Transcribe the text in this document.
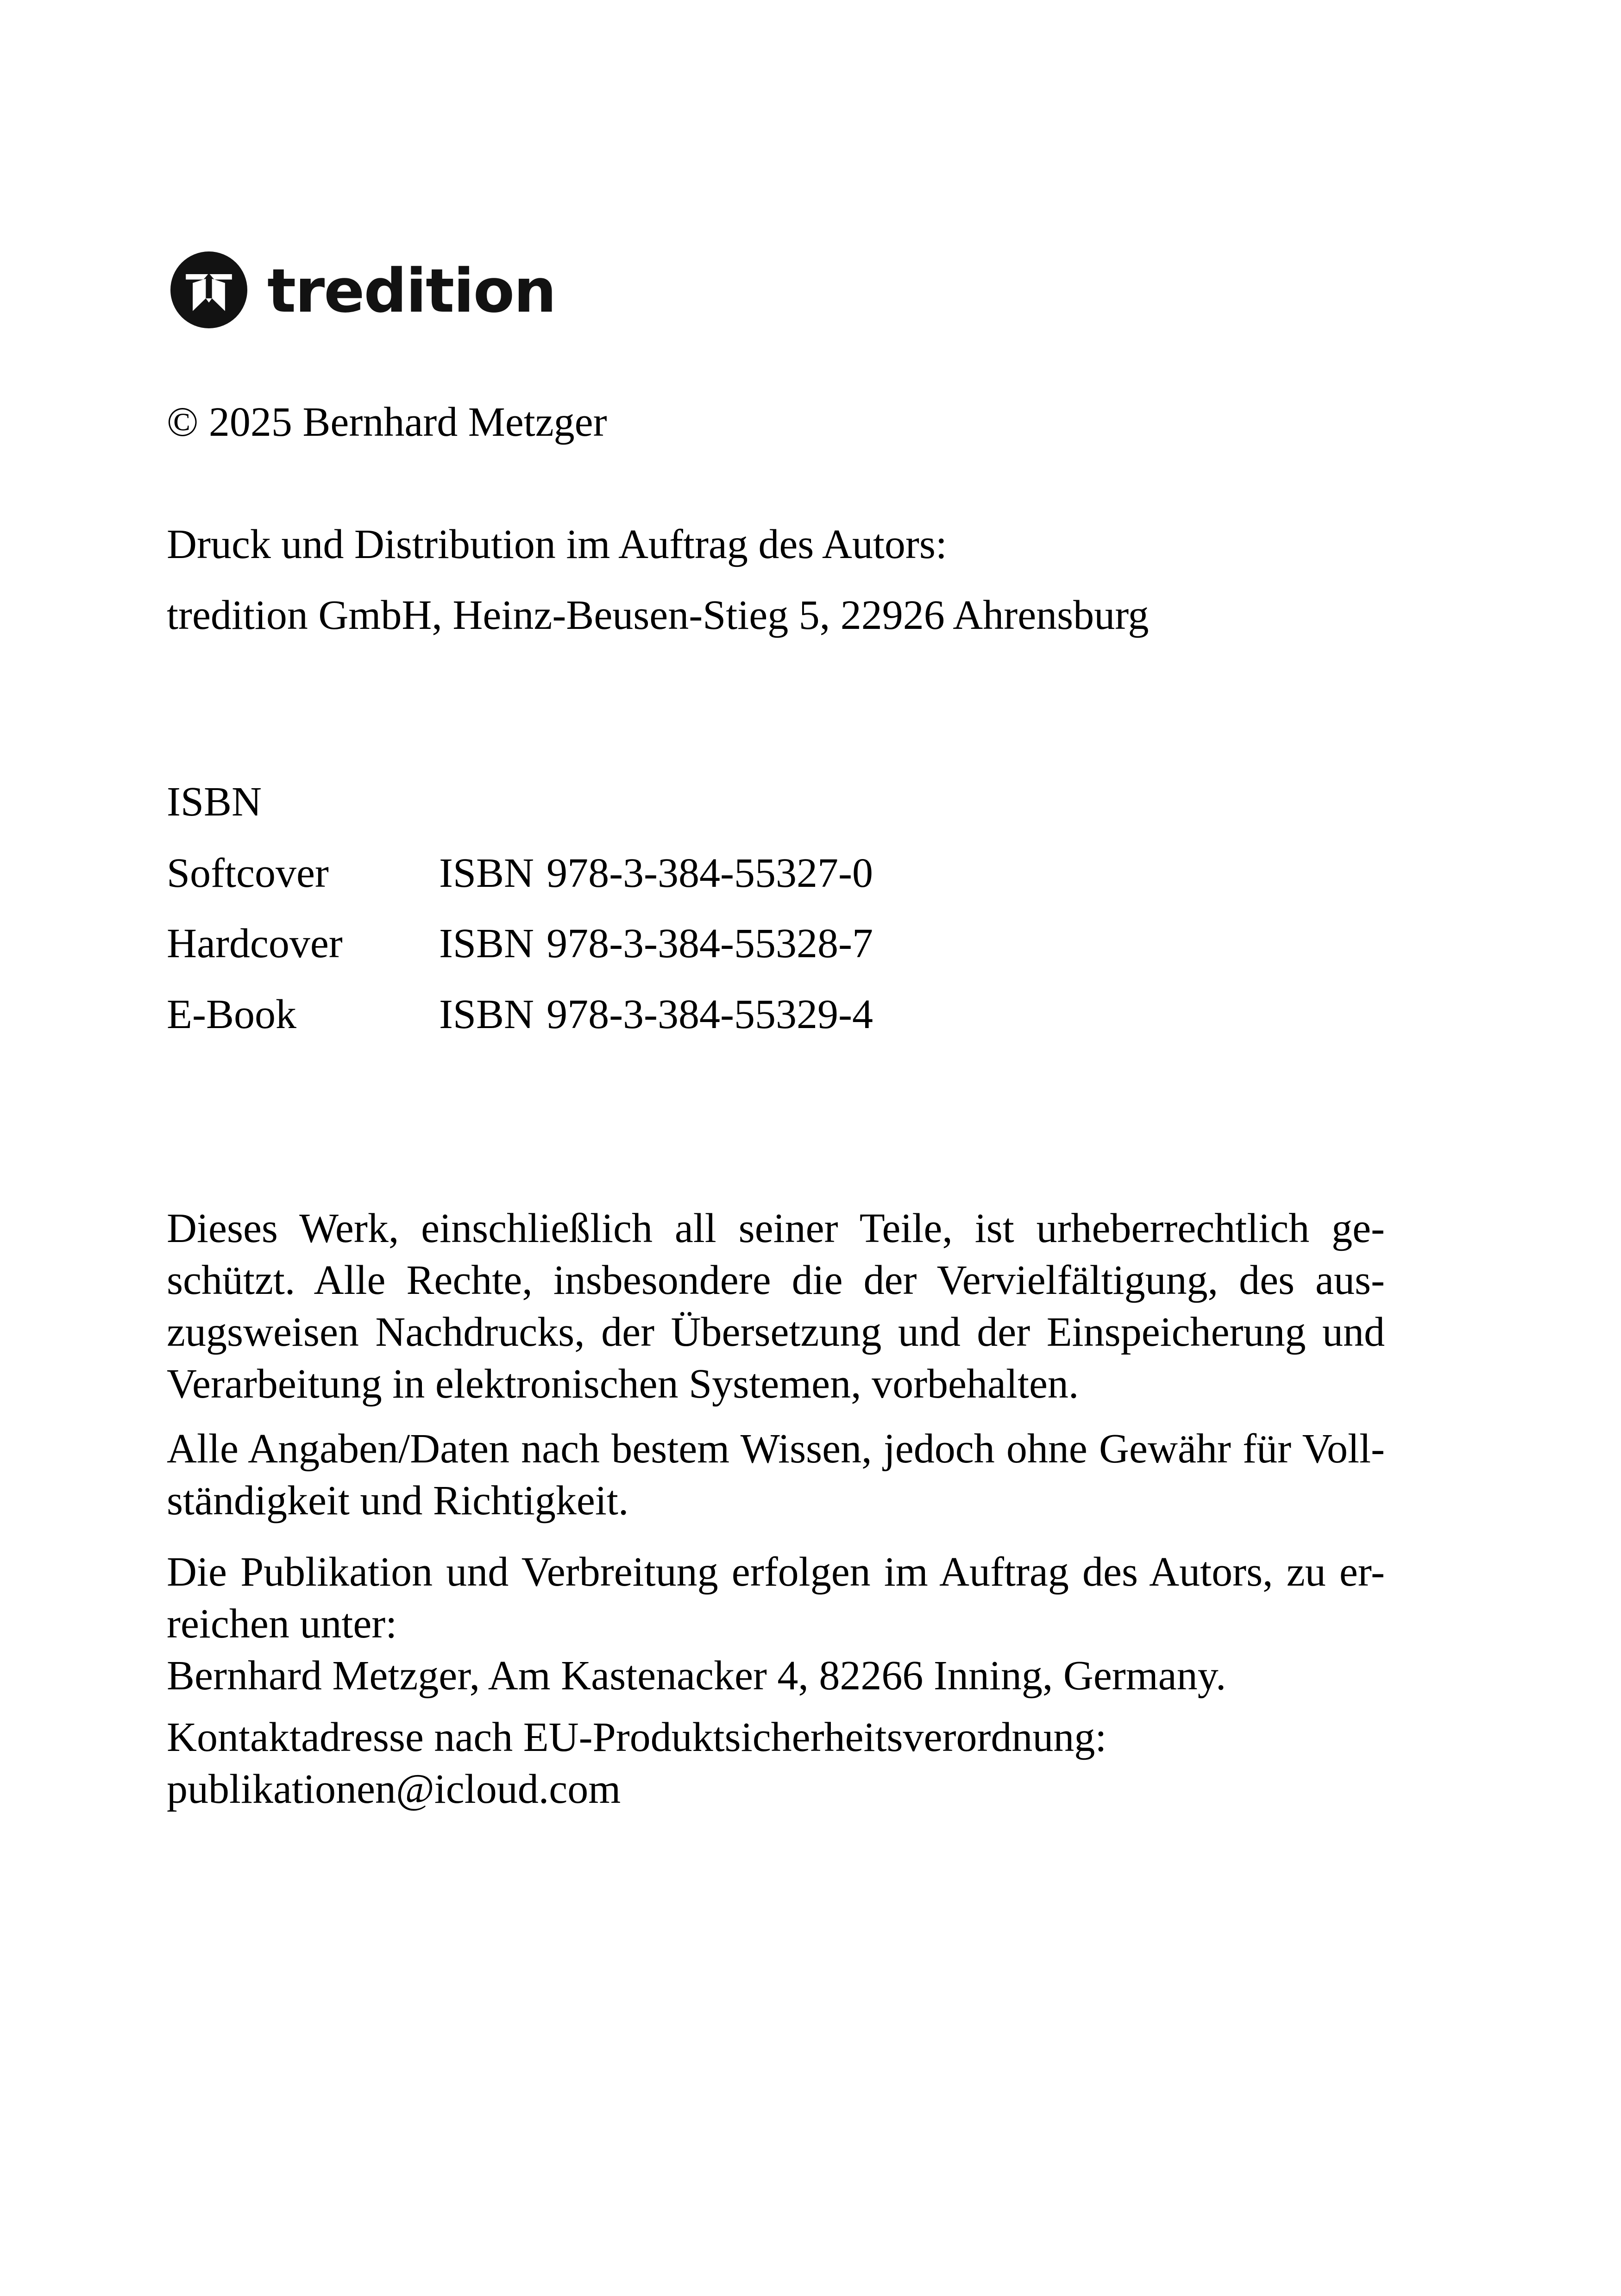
tredition
© 2025 Bernhard Metzger
Druck und Distribution im Auftrag des Autors:
tredition GmbH, Heinz-Beusen-Stieg 5, 22926 Ahrensburg
ISBN
Softcover	ISBN 978-3-384-55327-0
Hardcover	ISBN 978-3-384-55328-7
E-Book	ISBN 978-3-384-55329-4
Dieses Werk, einschließlich all seiner Teile, ist urheberrechtlich ge-
schützt. Alle Rechte, insbesondere die der Vervielfältigung, des aus-
zugsweisen Nachdrucks, der Übersetzung und der Einspeicherung und
Verarbeitung in elektronischen Systemen, vorbehalten.
Alle Angaben/Daten nach bestem Wissen, jedoch ohne Gewähr für Voll-
ständigkeit und Richtigkeit.
Die Publikation und Verbreitung erfolgen im Auftrag des Autors, zu er-
reichen unter:
Bernhard Metzger, Am Kastenacker 4, 82266 Inning, Germany.
Kontaktadresse nach EU-Produktsicherheitsverordnung:
publikationen@icloud.com
